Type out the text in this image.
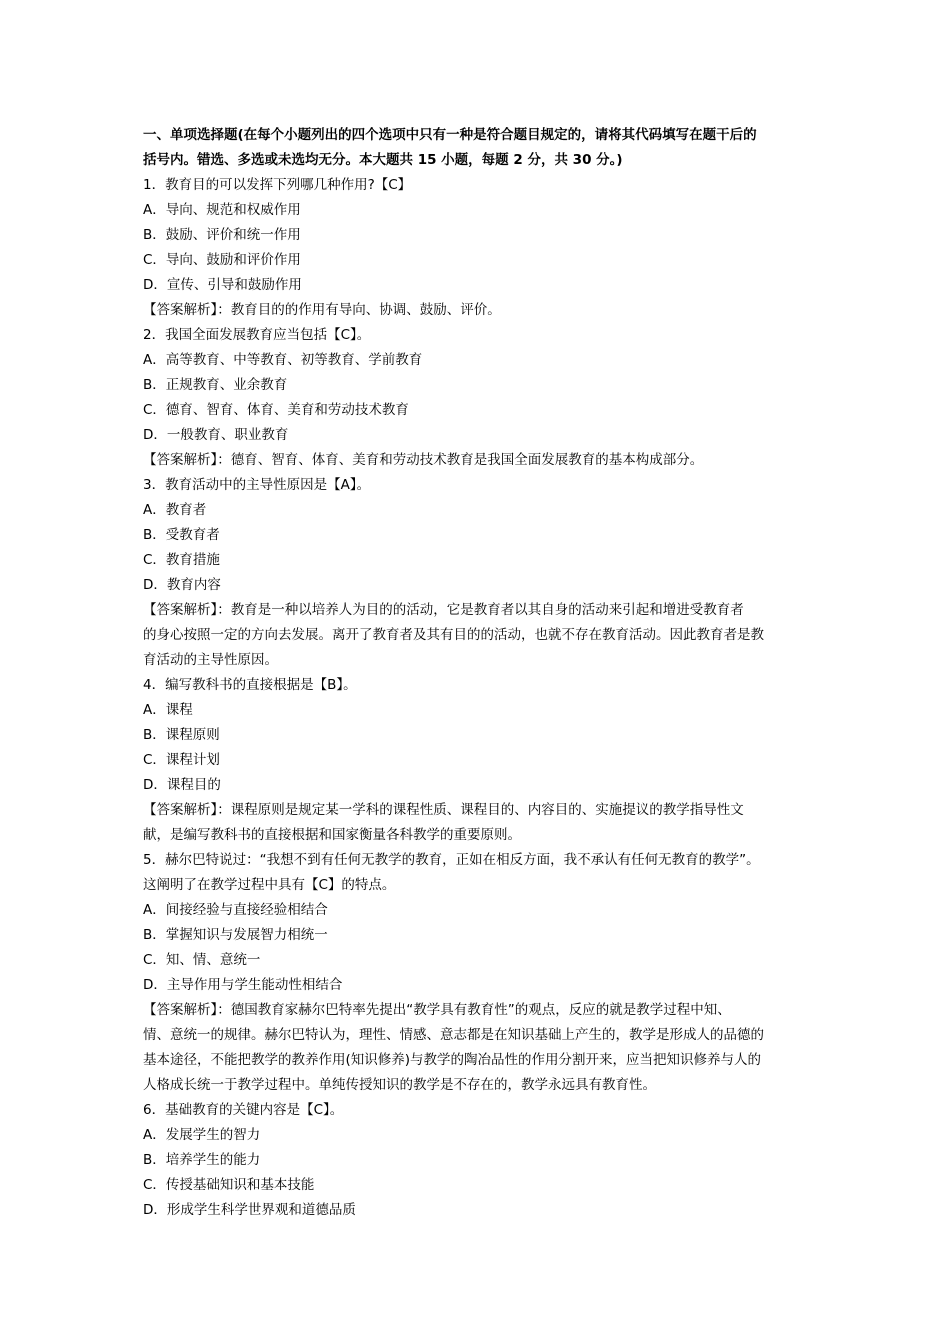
一、单项选择题(在每个小题列出的四个选项中只有一种是符合题目规定的，请将其代码填写在题干后的
括号内。错选、多选或未选均无分。本大题共 15 小题，每题 2 分，共 30 分。)
1．教育目的可以发挥下列哪几种作用?【C】
A．导向、规范和权威作用
B．鼓励、评价和统一作用
C．导向、鼓励和评价作用
D．宣传、引导和鼓励作用
【答案解析】：教育目的的作用有导向、协调、鼓励、评价。
2．我国全面发展教育应当包括【C】。
A．高等教育、中等教育、初等教育、学前教育
B．正规教育、业余教育
C．德育、智育、体育、美育和劳动技术教育
D．一般教育、职业教育
【答案解析】：德育、智育、体育、美育和劳动技术教育是我国全面发展教育的基本构成部分。
3．教育活动中的主导性原因是【A】。
A．教育者
B．受教育者
C．教育措施
D．教育内容
【答案解析】：教育是一种以培养人为目的的活动，它是教育者以其自身的活动来引起和增进受教育者
的身心按照一定的方向去发展。离开了教育者及其有目的的活动，也就不存在教育活动。因此教育者是教
育活动的主导性原因。
4．编写教科书的直接根据是【B】。
A．课程
B．课程原则
C．课程计划
D．课程目的
【答案解析】：课程原则是规定某一学科的课程性质、课程目的、内容目的、实施提议的教学指导性文
献，是编写教科书的直接根据和国家衡量各科教学的重要原则。
5．赫尔巴特说过：“我想不到有任何无教学的教育，正如在相反方面，我不承认有任何无教育的教学”。
这阐明了在教学过程中具有【C】的特点。
A．间接经验与直接经验相结合
B．掌握知识与发展智力相统一
C．知、情、意统一
D．主导作用与学生能动性相结合
【答案解析】：德国教育家赫尔巴特率先提出“教学具有教育性”的观点，反应的就是教学过程中知、
情、意统一的规律。赫尔巴特认为，理性、情感、意志都是在知识基础上产生的，教学是形成人的品德的
基本途径，不能把教学的教养作用(知识修养)与教学的陶冶品性的作用分割开来，应当把知识修养与人的
人格成长统一于教学过程中。单纯传授知识的教学是不存在的，教学永远具有教育性。
6．基础教育的关键内容是【C】。
A．发展学生的智力
B．培养学生的能力
C．传授基础知识和基本技能
D．形成学生科学世界观和道德品质
